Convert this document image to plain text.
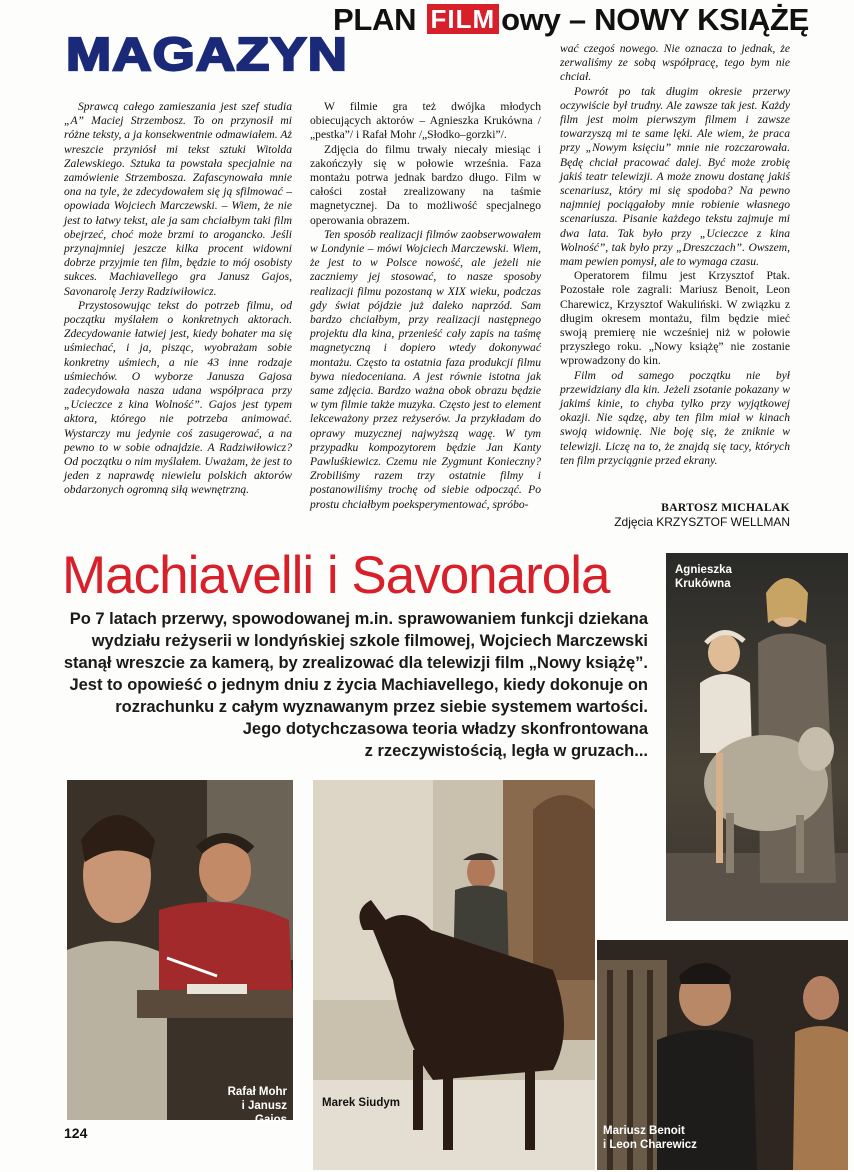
MAGAZYN
PLAN FILM owy – NOWY KSIĄŻĘ

Sprawcą całego zamieszania jest szef studia „A” Maciej Strzembosz. To on przynosił mi różne teksty, a ja konsekwentnie odmawiałem. Aż wreszcie przyniósł mi tekst sztuki Witolda Zalewskiego. Sztuka ta powstała specjalnie na zamówienie Strzembosza. Zafascynowała mnie ona na tyle, że zdecydowałem się ją sfilmować – opowiada Wojciech Marczewski. – Wiem, że nie jest to łatwy tekst, ale ja sam chciałbym taki film obejrzeć, choć może brzmi to arogancko. Jeśli przynajmniej jeszcze kilka procent widowni dobrze przyjmie ten film, będzie to mój osobisty sukces. Machiavellego gra Janusz Gajos, Savonarolę Jerzy Radziwiłowicz.

Przystosowując tekst do potrzeb filmu, od początku myślałem o konkretnych aktorach. Zdecydowanie łatwiej jest, kiedy bohater ma się uśmiechać, i ja, pisząc, wyobrażam sobie konkretny uśmiech, a nie 43 inne rodzaje uśmiechów. O wyborze Janusza Gajosa zadecydowała nasza udana współpraca przy „Ucieczce z kina Wolność”. Gajos jest typem aktora, którego nie potrzeba animować. Wystarczy mu jedynie coś zasugerować, a na pewno to w sobie odnajdzie. A Radziwiłowicz? Od początku o nim myślałem. Uważam, że jest to jeden z naprawdę niewielu polskich aktorów obdarzonych ogromną siłą wewnętrzną.

W filmie gra też dwójka młodych obiecujących aktorów – Agnieszka Krukówna /„pestka”/ i Rafał Mohr /„Słodko–gorzki”/.

Zdjęcia do filmu trwały niecały miesiąc i zakończyły się w połowie września. Faza montażu potrwa jednak bardzo długo. Film w całości został zrealizowany na taśmie magnetycznej. Da to możliwość specjalnego operowania obrazem.

Ten sposób realizacji filmów zaobserwowałem w Londynie – mówi Wojciech Marczewski. Wiem, że jest to w Polsce nowość, ale jeżeli nie zaczniemy jej stosować, to nasze sposoby realizacji filmu pozostaną w XIX wieku, podczas gdy świat pójdzie już daleko naprzód. Sam bardzo chciałbym, przy realizacji następnego projektu dla kina, przenieść cały zapis na taśmę magnetyczną i dopiero wtedy dokonywać montażu. Często ta ostatnia faza produkcji filmu bywa niedoceniana. A jest równie istotna jak same zdjęcia. Bardzo ważna obok obrazu będzie w tym filmie także muzyka. Często jest to element lekceważony przez reżyserów. Ja przykładam do oprawy muzycznej najwyższą wagę. W tym przypadku kompozytorem będzie Jan Kanty Pawluśkiewicz. Czemu nie Zygmunt Konieczny? Zrobiliśmy razem trzy ostatnie filmy i postanowiliśmy trochę od siebie odpocząć. Po prostu chciałbym poeksperymentować, spróbo-

wać czegoś nowego. Nie oznacza to jednak, że zerwaliśmy ze sobą współpracę, tego bym nie chciał.

Powrót po tak długim okresie przerwy oczywiście był trudny. Ale zawsze tak jest. Każdy film jest moim pierwszym filmem i zawsze towarzyszą mi te same lęki. Ale wiem, że praca przy „Nowym księciu” mnie nie rozczarowała. Będę chciał pracować dalej. Być może zrobię jakiś teatr telewizji. A może znowu dostanę jakiś scenariusz, który mi się spodoba? Na pewno najmniej pociągałoby mnie robienie własnego scenariusza. Pisanie każdego tekstu zajmuje mi dwa lata. Tak było przy „Ucieczce z kina Wolność”, tak było przy „Dreszczach”. Owszem, mam pewien pomysł, ale to wymaga czasu.

Operatorem filmu jest Krzysztof Ptak. Pozostałe role zagrali: Mariusz Benoit, Leon Charewicz, Krzysztof Wakuliński. W związku z długim okresem montażu, film będzie mieć swoją premierę nie wcześniej niż w połowie przyszłego roku. „Nowy książę” nie zostanie wprowadzony do kin.

Film od samego początku nie był przewidziany dla kin. Jeżeli zsotanie pokazany w jakimś kinie, to chyba tylko przy wyjątkowej okazji. Nie sądzę, aby ten film miał w kinach swoją widownię. Nie boję się, że zniknie w telewizji. Liczę na to, że znajdą się tacy, których ten film przyciągnie przed ekrany.

BARTOSZ MICHALAK
Zdjęcia KRZYSZTOF WELLMAN
Machiavelli i Savonarola
Po 7 latach przerwy, spowodowanej m.in. sprawowaniem funkcji dziekana
wydziału reżyserii w londyńskiej szkole filmowej, Wojciech Marczewski
stanął wreszcie za kamerą, by zrealizować dla telewizji film „Nowy książę”.
Jest to opowieść o jednym dniu z życia Machiavellego, kiedy dokonuje on
rozrachunku z całym wyznawanym przez siebie systemem wartości.
Jego dotychczasowa teoria władzy skonfrontowana
z rzeczywistością, legła w gruzach...
Agnieszka
Krukówna
Rafał Mohr
i Janusz Gajos
Marek Siudym
Mariusz Benoit
i Leon Charewicz
124
